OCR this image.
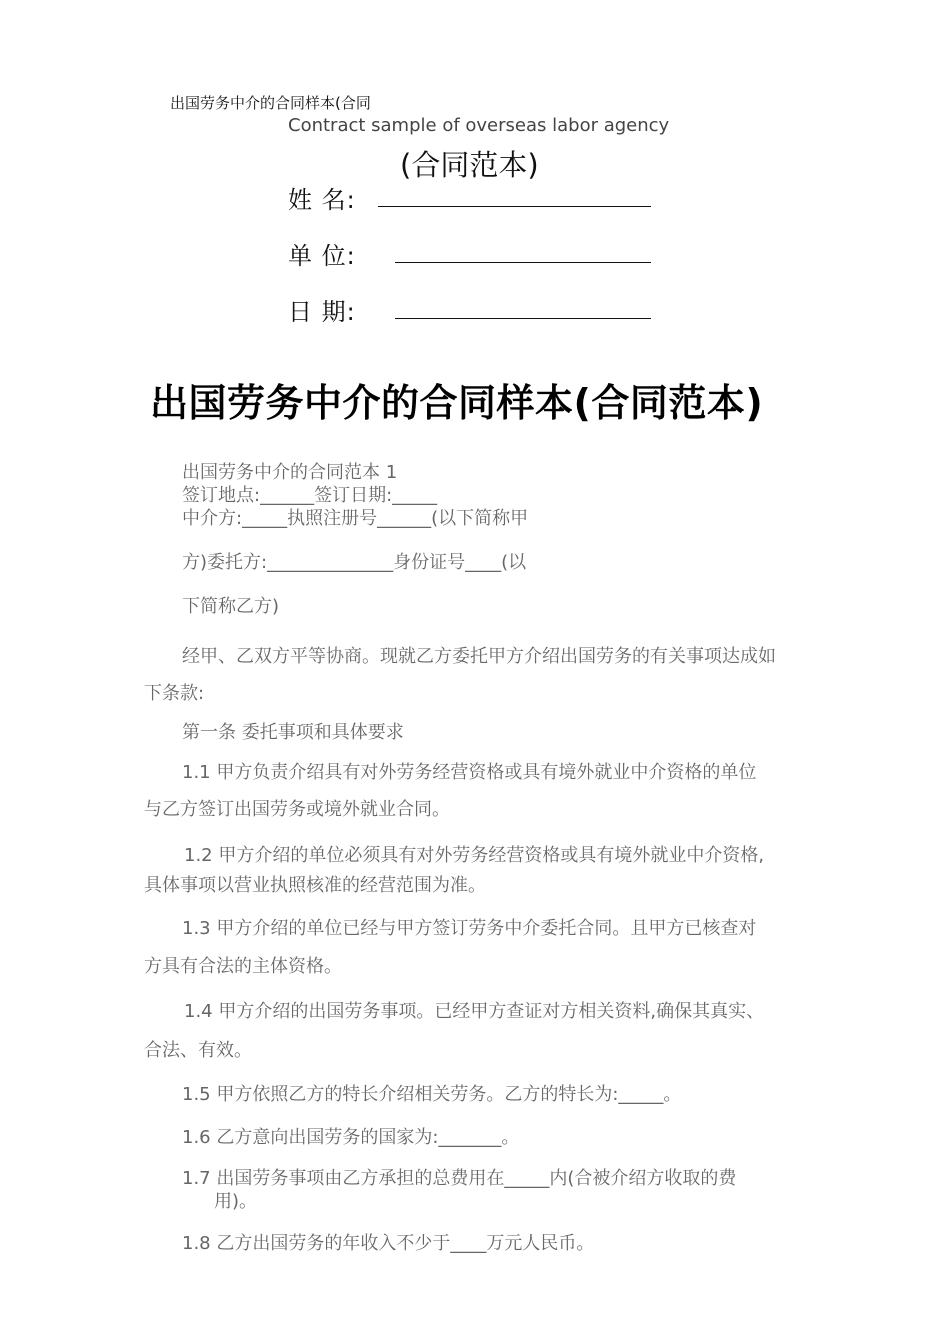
出国劳务中介的合同样本(合同
Contract sample of overseas labor agency
(合同范本)
姓 名:
单 位:
日 期:
出国劳务中介的合同样本(合同范本)
出国劳务中介的合同范本 1
签订地点:______签订日期:_____
中介方:_____执照注册号______(以下简称甲
方)委托方:______________身份证号____(以
下简称乙方)
经甲、乙双方平等协商。现就乙方委托甲方介绍出国劳务的有关事项达成如
下条款:
第一条 委托事项和具体要求
1.1 甲方负责介绍具有对外劳务经营资格或具有境外就业中介资格的单位
与乙方签订出国劳务或境外就业合同。
1.2 甲方介绍的单位必须具有对外劳务经营资格或具有境外就业中介资格,
具体事项以营业执照核准的经营范围为准。
1.3 甲方介绍的单位已经与甲方签订劳务中介委托合同。且甲方已核查对
方具有合法的主体资格。
1.4 甲方介绍的出国劳务事项。已经甲方查证对方相关资料,确保其真实、
合法、有效。
1.5 甲方依照乙方的特长介绍相关劳务。乙方的特长为:_____。
1.6 乙方意向出国劳务的国家为:_______。
1.7 出国劳务事项由乙方承担的总费用在_____内(合被介绍方收取的费
用)。
1.8 乙方出国劳务的年收入不少于____万元人民币。
